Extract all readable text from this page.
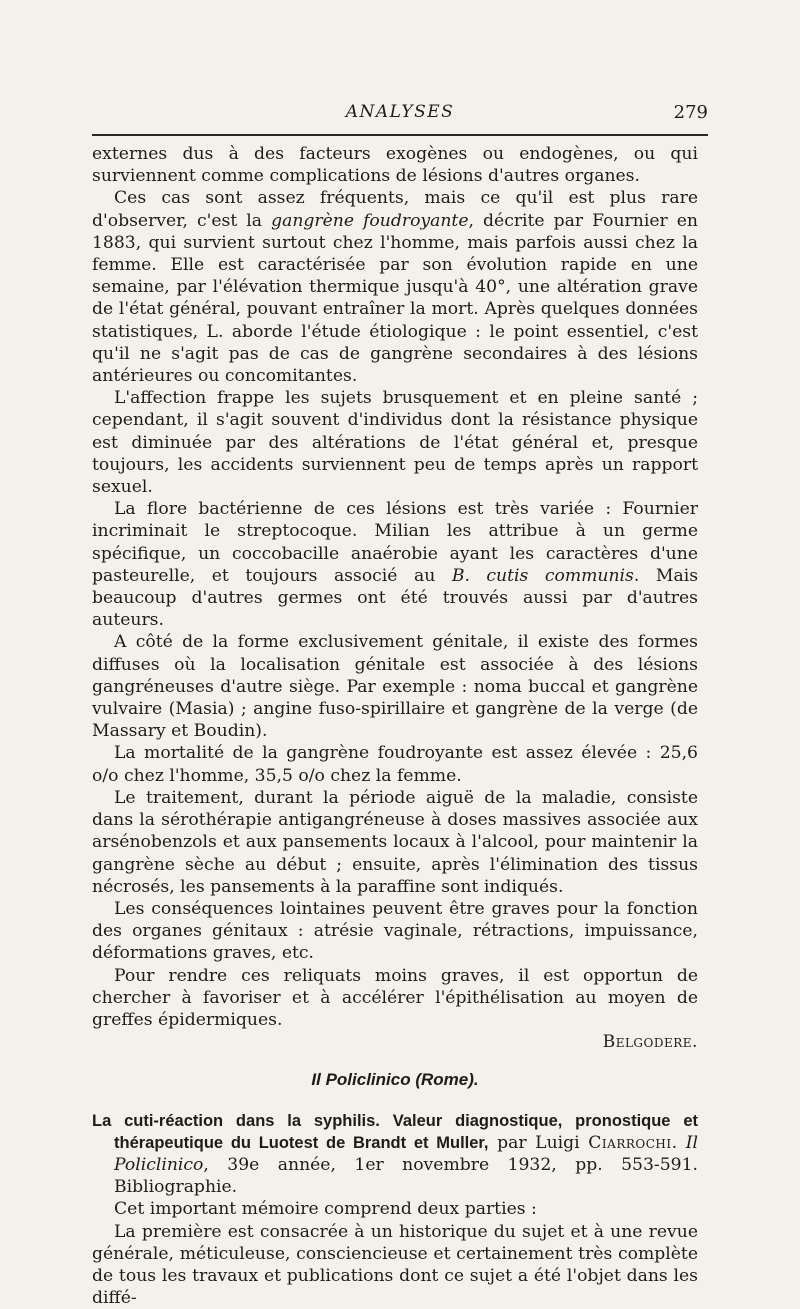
ANALYSES	279

externes dus à des facteurs exogènes ou endogènes, ou qui surviennent comme complications de lésions d'autres organes.

Ces cas sont assez fréquents, mais ce qu'il est plus rare d'observer, c'est la gangrène foudroyante, décrite par Fournier en 1883, qui survient surtout chez l'homme, mais parfois aussi chez la femme. Elle est caractérisée par son évolution rapide en une semaine, par l'élévation thermique jusqu'à 40°, une altération grave de l'état général, pouvant entraîner la mort. Après quelques données statistiques, L. aborde l'étude étiologique : le point essentiel, c'est qu'il ne s'agit pas de cas de gangrène secondaires à des lésions antérieures ou concomitantes.

L'affection frappe les sujets brusquement et en pleine santé ; cependant, il s'agit souvent d'individus dont la résistance physique est diminuée par des altérations de l'état général et, presque toujours, les accidents surviennent peu de temps après un rapport sexuel.

La flore bactérienne de ces lésions est très variée : Fournier incriminait le streptocoque. Milian les attribue à un germe spécifique, un coccobacille anaérobie ayant les caractères d'une pasteurelle, et toujours associé au B. cutis communis. Mais beaucoup d'autres germes ont été trouvés aussi par d'autres auteurs.

A côté de la forme exclusivement génitale, il existe des formes diffuses où la localisation génitale est associée à des lésions gangréneuses d'autre siège. Par exemple : noma buccal et gangrène vulvaire (Masia) ; angine fuso-spirillaire et gangrène de la verge (de Massary et Boudin).

La mortalité de la gangrène foudroyante est assez élevée : 25,6 o/o chez l'homme, 35,5 o/o chez la femme.

Le traitement, durant la période aiguë de la maladie, consiste dans la sérothérapie antigangréneuse à doses massives associée aux arsénobenzols et aux pansements locaux à l'alcool, pour maintenir la gangrène sèche au début ; ensuite, après l'élimination des tissus nécrosés, les pansements à la paraffine sont indiqués.

Les conséquences lointaines peuvent être graves pour la fonction des organes génitaux : atrésie vaginale, rétractions, impuissance, déformations graves, etc.

Pour rendre ces reliquats moins graves, il est opportun de chercher à favoriser et à accélérer l'épithélisation au moyen de greffes épidermiques.

Belgodere.

Il Policlinico (Rome).

La cuti-réaction dans la syphilis. Valeur diagnostique, pronostique et thérapeutique du Luotest de Brandt et Muller, par Luigi Ciarrochi. Il Policlinico, 39e année, 1er novembre 1932, pp. 553-591. Bibliographie.

Cet important mémoire comprend deux parties :

La première est consacrée à un historique du sujet et à une revue générale, méticuleuse, consciencieuse et certainement très complète de tous les travaux et publications dont ce sujet a été l'objet dans les diffé-
